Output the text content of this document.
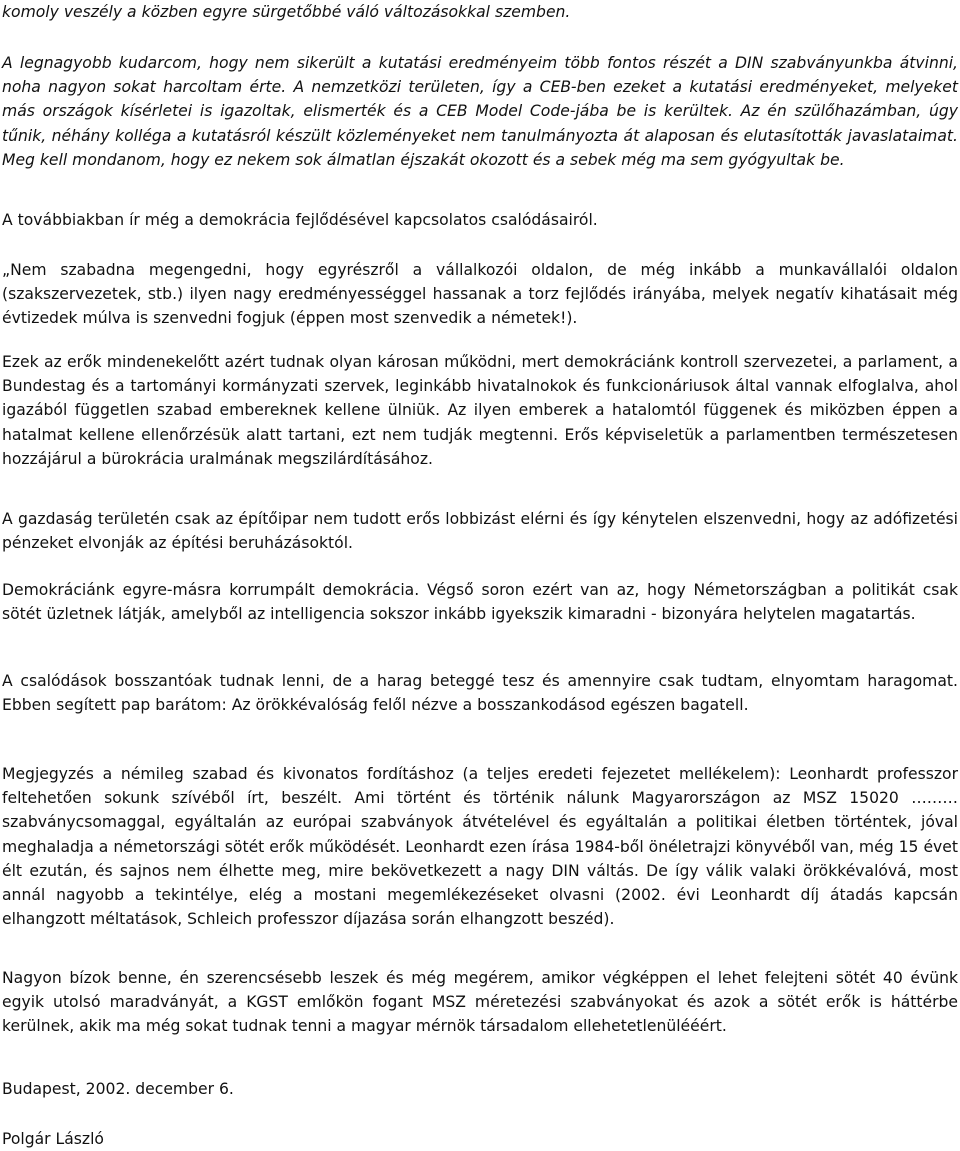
komoly veszély a közben egyre sürgetőbbé váló változásokkal szemben.

A legnagyobb kudarcom, hogy nem sikerült a kutatási eredményeim több fontos részét a DIN szabványunkba átvinni, noha nagyon sokat harcoltam érte. A nemzetközi területen, így a CEB-ben ezeket a kutatási eredményeket, melyeket más országok kísérletei is igazoltak, elismerték és a CEB Model Code-jába be is kerültek. Az én szülőhazámban, úgy tűnik, néhány kolléga a kutatásról készült közleményeket nem tanulmányozta át alaposan és elutasították javaslataimat. Meg kell mondanom, hogy ez nekem sok álmatlan éjszakát okozott és a sebek még ma sem gyógyultak be.

A továbbiakban ír még a demokrácia fejlődésével kapcsolatos csalódásairól.

„Nem szabadna megengedni, hogy egyrészről a vállalkozói oldalon, de még inkább a munkavállalói oldalon (szakszervezetek, stb.) ilyen nagy eredményességgel hassanak a torz fejlődés irányába, melyek negatív kihatásait még évtizedek múlva is szenvedni fogjuk (éppen most szenvedik a németek!).

Ezek az erők mindenekelőtt azért tudnak olyan károsan működni, mert demokráciánk kontroll szervezetei, a parlament, a Bundestag és a tartományi kormányzati szervek, leginkább hivatalnokok és funkcionáriusok által vannak elfoglalva, ahol igazából független szabad embereknek kellene ülniük. Az ilyen emberek a hatalomtól függenek és miközben éppen a hatalmat kellene ellenőrzésük alatt tartani, ezt nem tudják megtenni. Erős képviseletük a parlamentben természetesen hozzájárul a bürokrácia uralmának megszilárdításához.

A gazdaság területén csak az építőipar nem tudott erős lobbizást elérni és így kénytelen elszenvedni, hogy az adófizetési pénzeket elvonják az építési beruházásoktól.

Demokráciánk egyre-másra korrumpált demokrácia. Végső soron ezért van az, hogy Németországban a politikát csak sötét üzletnek látják, amelyből az intelligencia sokszor inkább igyekszik kimaradni - bizonyára helytelen magatartás.

A csalódások bosszantóak tudnak lenni, de a harag beteggé tesz és amennyire csak tudtam, elnyomtam haragomat. Ebben segített pap barátom: Az örökkévalóság felől nézve a bosszankodásod egészen bagatell.

Megjegyzés a némileg szabad és kivonatos fordításhoz (a teljes eredeti fejezetet mellékelem): Leonhardt professzor feltehetően sokunk szívéből írt, beszélt. Ami történt és történik nálunk Magyarországon az MSZ 15020 ………szabványcsomaggal, egyáltalán az európai szabványok átvételével és egyáltalán a politikai életben történtek, jóval meghaladja a németországi sötét erők működését. Leonhardt ezen írása 1984-ből önéletrajzi könyvéből van, még 15 évet élt ezután, és sajnos nem élhette meg, mire bekövetkezett a nagy DIN váltás. De így válik valaki örökkévalóvá, most annál nagyobb a tekintélye, elég a mostani megemlékezéseket olvasni (2002. évi Leonhardt díj átadás kapcsán elhangzott méltatások, Schleich professzor díjazása során elhangzott beszéd).

Nagyon bízok benne, én szerencsésebb leszek és még megérem, amikor végképpen el lehet felejteni sötét 40 évünk egyik utolsó maradványát, a KGST emlőkön fogant MSZ méretezési szabványokat és azok a sötét erők is háttérbe kerülnek, akik ma még sokat tudnak tenni a magyar mérnök társadalom ellehetetlenülééért.

Budapest, 2002. december 6.

Polgár László
